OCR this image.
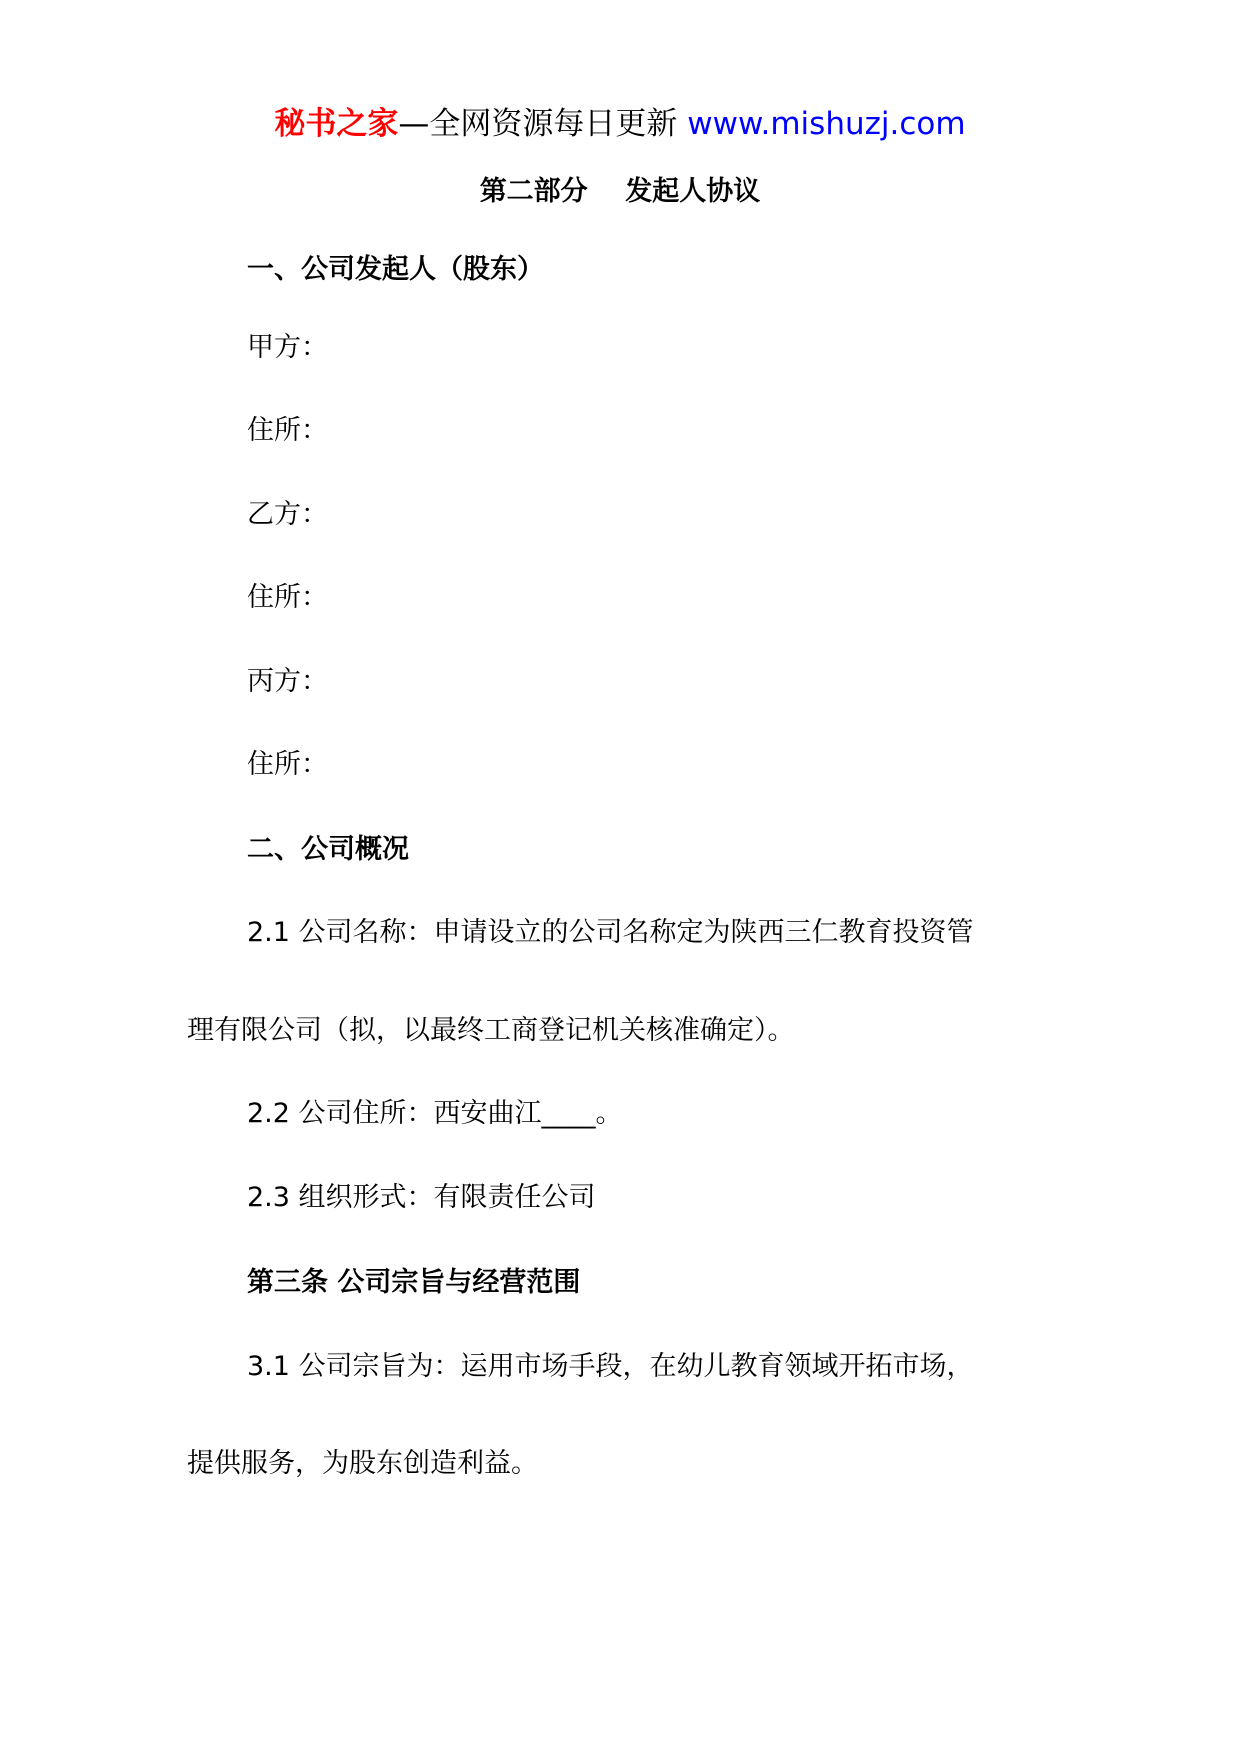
秘书之家—全网资源每日更新 www.mishuzj.com
第二部分    发起人协议
一、公司发起人（股东）
甲方：
住所：
乙方：
住所：
丙方：
住所：
二、公司概况
2.1 公司名称：申请设立的公司名称定为陕西三仁教育投资管
理有限公司（拟，以最终工商登记机关核准确定）。
2.2 公司住所：西安曲江____。
2.3 组织形式：有限责任公司
第三条 公司宗旨与经营范围
3.1 公司宗旨为：运用市场手段，在幼儿教育领域开拓市场，
提供服务，为股东创造利益。
